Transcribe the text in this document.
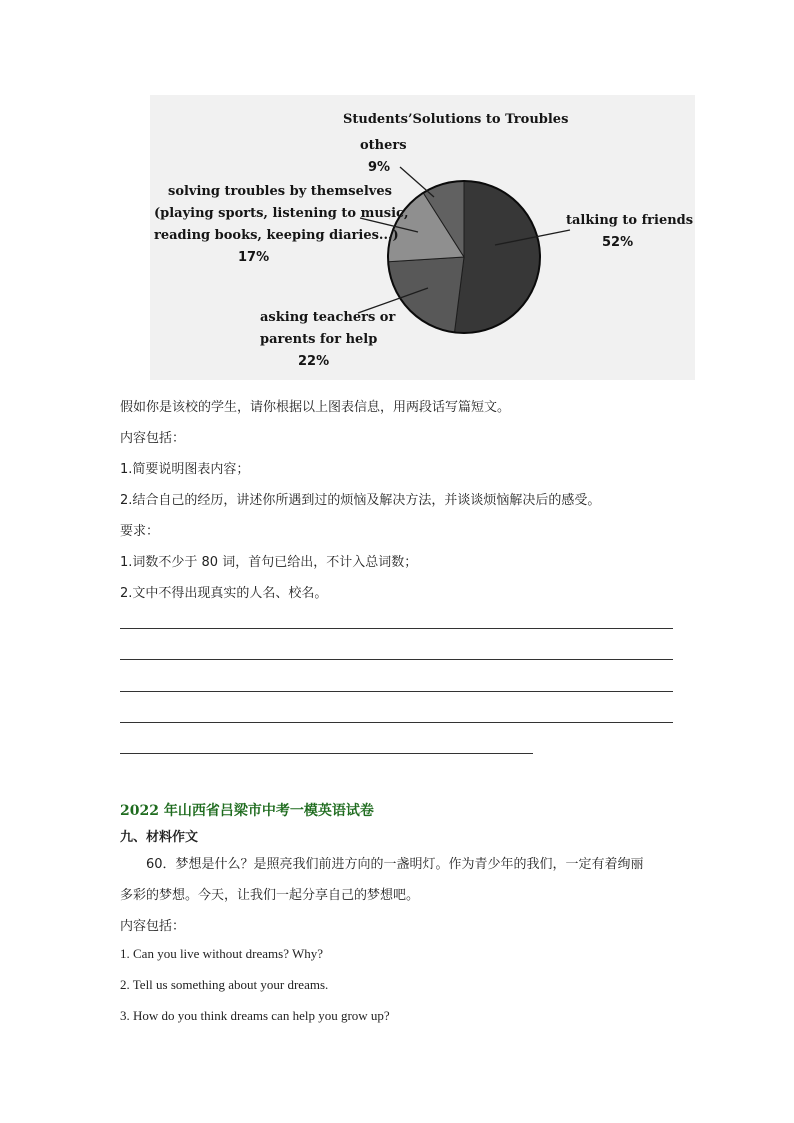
Students’Solutions to Troubles
others
9%
solving troubles by themselves
(playing sports, listening to music,
reading books, keeping diaries...)
17%
talking to friends
52%
asking teachers or
parents for help
22%
假如你是该校的学生，请你根据以上图表信息，用两段话写篇短文。
内容包括：
1.简要说明图表内容；
2.结合自己的经历，讲述你所遇到过的烦恼及解决方法，并谈谈烦恼解决后的感受。
要求：
1.词数不少于 80 词，首句已给出，不计入总词数；
2.文中不得出现真实的人名、校名。
2022 年山西省吕梁市中考一模英语试卷
九、材料作文
60．梦想是什么？是照亮我们前进方向的一盏明灯。作为青少年的我们，一定有着绚丽
多彩的梦想。今天，让我们一起分享自己的梦想吧。
内容包括：
1. Can you live without dreams? Why?
2. Tell us something about your dreams.
3. How do you think dreams can help you grow up?
